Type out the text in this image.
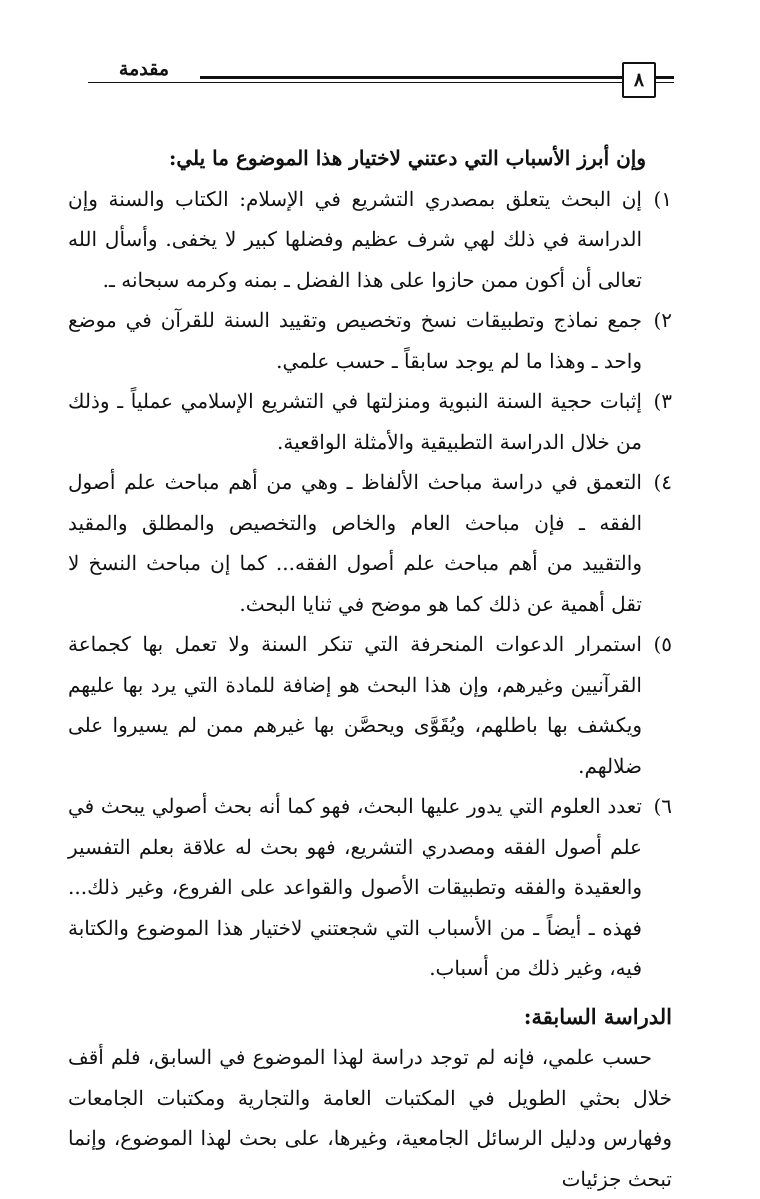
٨
مقدمة

وإن أبرز الأسباب التي دعتني لاختيار هذا الموضوع ما يلي:

١)
إن البحث يتعلق بمصدري التشريع في الإسلام: الكتاب والسنة وإن الدراسة في ذلك لهي شرف عظيم وفضلها كبير لا يخفى. وأسأل الله تعالى أن أكون ممن حازوا على هذا الفضل ـ بمنه وكرمه سبحانه ـ.
٢)
جمع نماذج وتطبيقات نسخ وتخصيص وتقييد السنة للقرآن في موضع واحد ـ وهذا ما لم يوجد سابقاً ـ حسب علمي.
٣)
إثبات حجية السنة النبوية ومنزلتها في التشريع الإسلامي عملياً ـ وذلك من خلال الدراسة التطبيقية والأمثلة الواقعية.
٤)
التعمق في دراسة مباحث الألفاظ ـ وهي من أهم مباحث علم أصول الفقه ـ فإن مباحث العام والخاص والتخصيص والمطلق والمقيد والتقييد من أهم مباحث علم أصول الفقه... كما إن مباحث النسخ لا تقل أهمية عن ذلك كما هو موضح في ثنايا البحث.
٥)
استمرار الدعوات المنحرفة التي تنكر السنة ولا تعمل بها كجماعة القرآنيين وغيرهم، وإن هذا البحث هو إضافة للمادة التي يرد بها عليهم ويكشف بها باطلهم، ويُقَوَّى ويحصَّن بها غيرهم ممن لم يسيروا على ضلالهم.
٦)
تعدد العلوم التي يدور عليها البحث، فهو كما أنه بحث أصولي يبحث في علم أصول الفقه ومصدري التشريع، فهو بحث له علاقة بعلم التفسير والعقيدة والفقه وتطبيقات الأصول والقواعد على الفروع، وغير ذلك... فهذه ـ أيضاً ـ من الأسباب التي شجعتني لاختيار هذا الموضوع والكتابة فيه، وغير ذلك من أسباب.
الدراسة السابقة:

حسب علمي، فإنه لم توجد دراسة لهذا الموضوع في السابق، فلم أقف خلال بحثي الطويل في المكتبات العامة والتجارية ومكتبات الجامعات وفهارس ودليل الرسائل الجامعية، وغيرها، على بحث لهذا الموضوع، وإنما تبحث جزئيات
